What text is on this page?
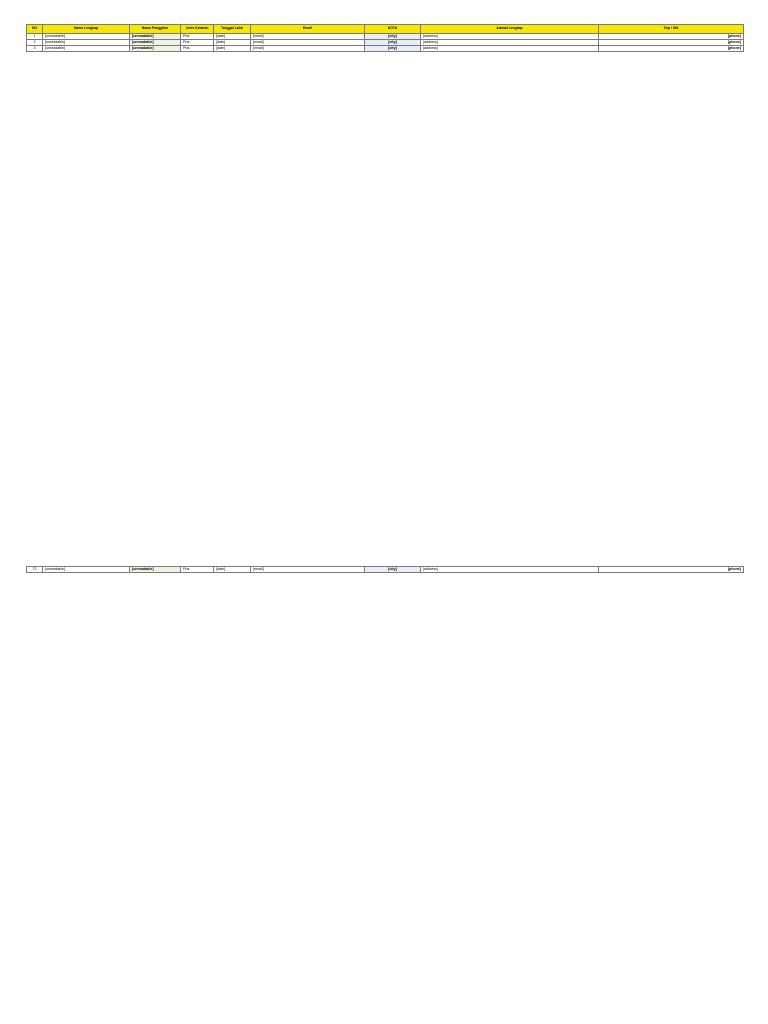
NO	Nama Lengkap	Nama Panggilan	Jenis Kelamin	Tanggal Lahir	Email	KOTA	Alamat Lengkap	Telp / WA
1	[unreadable]	[unreadable]	Pria	[date]	[email]	[city]	[address]	[phone]
2	[unreadable]	[unreadable]	Pria	[date]	[email]	[city]	[address]	[phone]
3	[unreadable]	[unreadable]	Pria	[date]	[email]	[city]	[address]	[phone]
72	[unreadable]	[unreadable]	Pria	[date]	[email]	[city]	[address]	[phone]
